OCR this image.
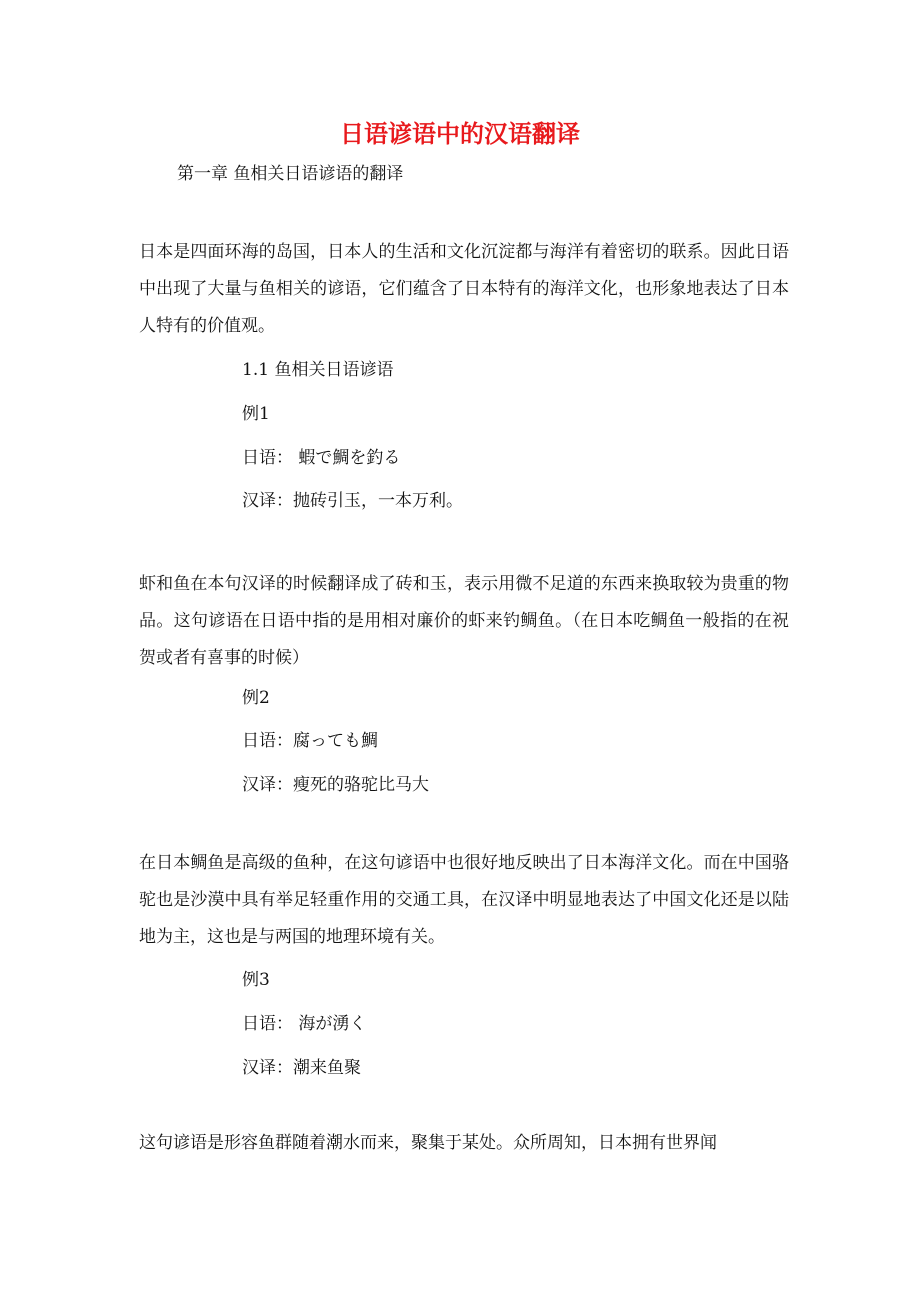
日语谚语中的汉语翻译

第一章 鱼相关日语谚语的翻译

日本是四面环海的岛国，日本人的生活和文化沉淀都与海洋有着密切的联系。因此日语中出现了大量与鱼相关的谚语，它们蕴含了日本特有的海洋文化，也形象地表达了日本人特有的价值观。

1.1 鱼相关日语谚语

例1

日语： 蝦で鯛を釣る

汉译：抛砖引玉，一本万利。

虾和鱼在本句汉译的时候翻译成了砖和玉，表示用微不足道的东西来换取较为贵重的物品。这句谚语在日语中指的是用相对廉价的虾来钓鲷鱼。（在日本吃鲷鱼一般指的在祝贺或者有喜事的时候）

例2

日语：腐っても鯛

汉译：瘦死的骆驼比马大

在日本鲷鱼是高级的鱼种，在这句谚语中也很好地反映出了日本海洋文化。而在中国骆驼也是沙漠中具有举足轻重作用的交通工具，在汉译中明显地表达了中国文化还是以陆地为主，这也是与两国的地理环境有关。

例3

日语： 海が湧く

汉译：潮来鱼聚

这句谚语是形容鱼群随着潮水而来，聚集于某处。众所周知，日本拥有世界闻
